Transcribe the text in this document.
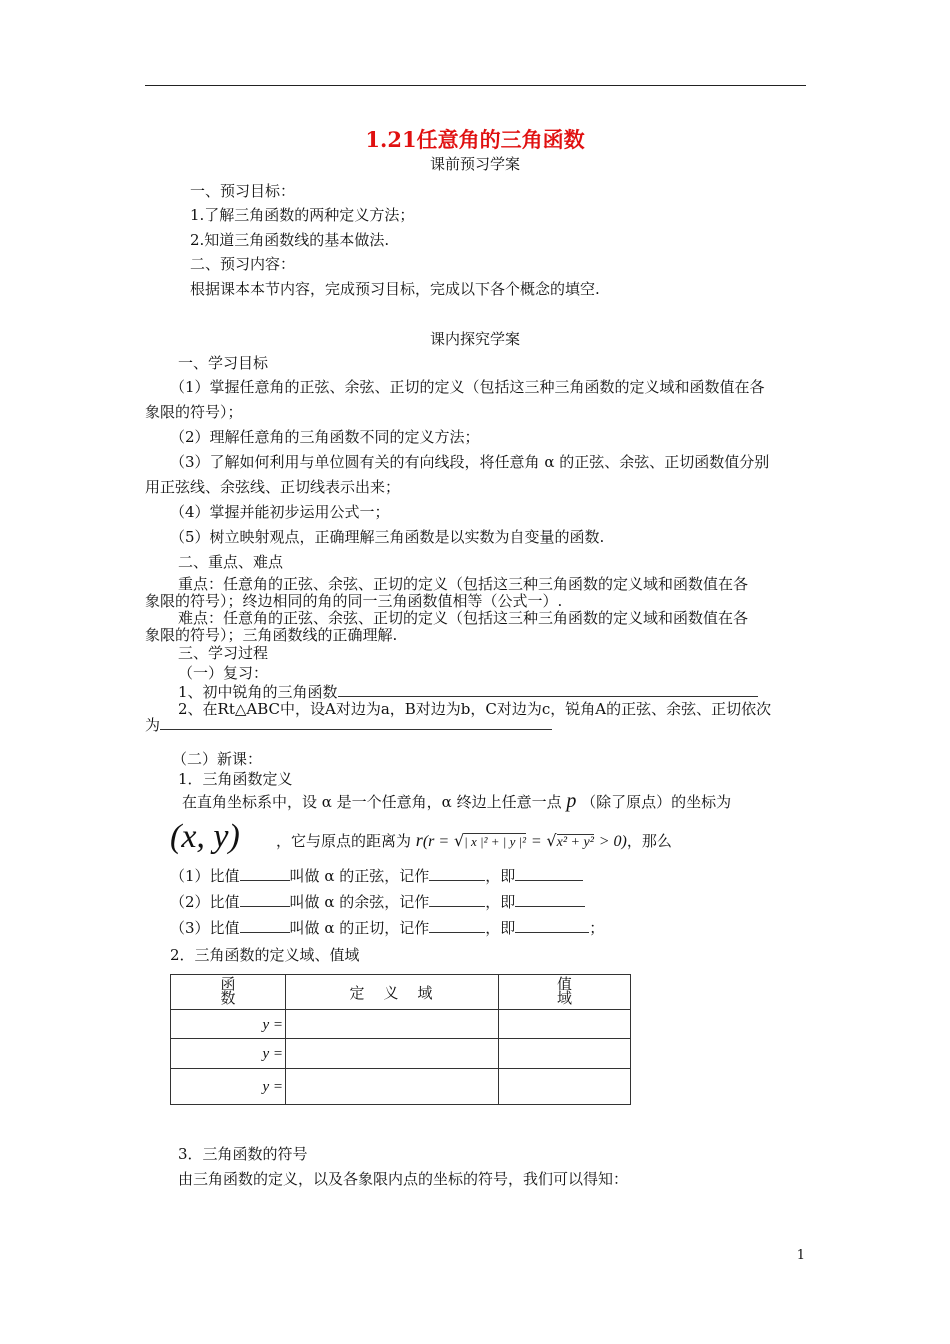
1.21任意角的三角函数
课前预习学案
一、预习目标：
1.了解三角函数的两种定义方法；
2.知道三角函数线的基本做法.
二、预习内容：
根据课本本节内容，完成预习目标，完成以下各个概念的填空.
课内探究学案
一、学习目标
（1）掌握任意角的正弦、余弦、正切的定义（包括这三种三角函数的定义域和函数值在各
象限的符号）；
（2）理解任意角的三角函数不同的定义方法；
（3）了解如何利用与单位圆有关的有向线段，将任意角 α 的正弦、余弦、正切函数值分别
用正弦线、余弦线、正切线表示出来；
（4）掌握并能初步运用公式一；
（5）树立映射观点，正确理解三角函数是以实数为自变量的函数.
二、重点、难点
重点：任意角的正弦、余弦、正切的定义（包括这三种三角函数的定义域和函数值在各
象限的符号）；终边相同的角的同一三角函数值相等（公式一）.
难点：任意角的正弦、余弦、正切的定义（包括这三种三角函数的定义域和函数值在各
象限的符号）；三角函数线的正确理解.
三、学习过程
（一）复习：
1、初中锐角的三角函数
2、在Rt△ABC中，设A对边为a，B对边为b，C对边为c，锐角A的正弦、余弦、正切依次
为
（二）新课：
1．三角函数定义
在直角坐标系中，设 α 是一个任意角，α 终边上任意一点 p （除了原点）的坐标为
(x, y) ，它与原点的距离为 r(r = √| x |² + | y |² = √x² + y² > 0)，那么
（1）比值	叫做 α 的正弦，记作	，即
（2）比值	叫做 α 的余弦，记作	，即
（3）比值	叫做 α 的正切，记作	，即	；
2．三角函数的定义域、值域
函数	定　义　域	值域
y =		
y =		
y =		
3．三角函数的符号
由三角函数的定义，以及各象限内点的坐标的符号，我们可以得知：
1
